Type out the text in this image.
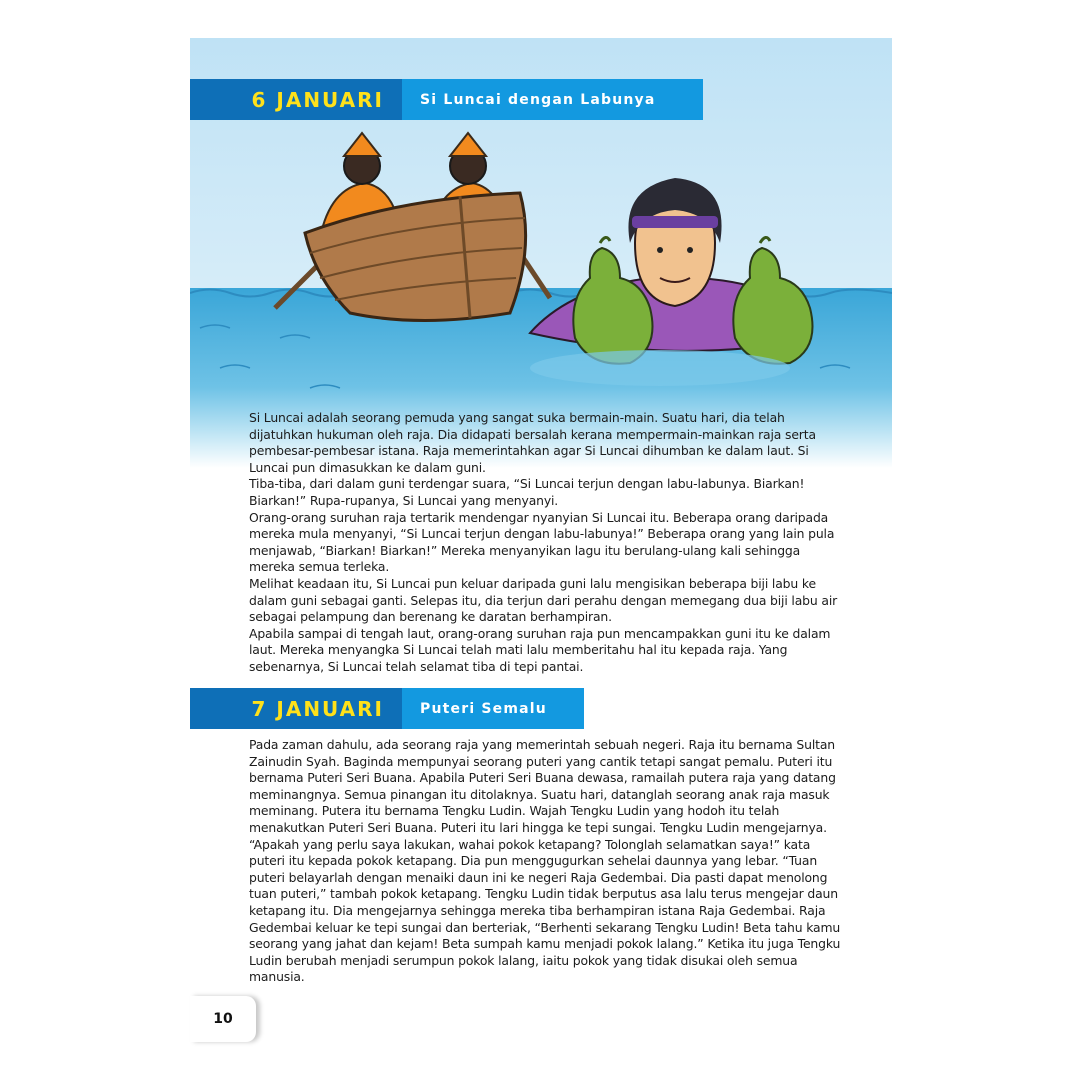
6 JANUARI	Si Luncai dengan Labunya

Si Luncai adalah seorang pemuda yang sangat suka bermain-main. Suatu hari, dia telah dijatuhkan hukuman oleh raja. Dia didapati bersalah kerana mempermain-mainkan raja serta pembesar-pembesar istana. Raja memerintahkan agar Si Luncai dihumban ke dalam laut. Si Luncai pun dimasukkan ke dalam guni.

Tiba-tiba, dari dalam guni terdengar suara, “Si Luncai terjun dengan labu-labunya. Biarkan! Biarkan!” Rupa-rupanya, Si Luncai yang menyanyi.

Orang-orang suruhan raja tertarik mendengar nyanyian Si Luncai itu. Beberapa orang daripada mereka mula menyanyi, “Si Luncai terjun dengan labu-labunya!” Beberapa orang yang lain pula menjawab, “Biarkan! Biarkan!” Mereka menyanyikan lagu itu berulang-ulang kali sehingga mereka semua terleka.

Melihat keadaan itu, Si Luncai pun keluar daripada guni lalu mengisikan beberapa biji labu ke dalam guni sebagai ganti. Selepas itu, dia terjun dari perahu dengan memegang dua biji labu air sebagai pelampung dan berenang ke daratan berhampiran.

Apabila sampai di tengah laut, orang-orang suruhan raja pun mencampakkan guni itu ke dalam laut. Mereka menyangka Si Luncai telah mati lalu memberitahu hal itu kepada raja. Yang sebenarnya, Si Luncai telah selamat tiba di tepi pantai.

7 JANUARI	Puteri Semalu

Pada zaman dahulu, ada seorang raja yang memerintah sebuah negeri. Raja itu bernama Sultan Zainudin Syah. Baginda mempunyai seorang puteri yang cantik tetapi sangat pemalu. Puteri itu bernama Puteri Seri Buana. Apabila Puteri Seri Buana dewasa, ramailah putera raja yang datang meminangnya. Semua pinangan itu ditolaknya. Suatu hari, datanglah seorang anak raja masuk meminang. Putera itu bernama Tengku Ludin. Wajah Tengku Ludin yang hodoh itu telah menakutkan Puteri Seri Buana. Puteri itu lari hingga ke tepi sungai. Tengku Ludin mengejarnya. “Apakah yang perlu saya lakukan, wahai pokok ketapang? Tolonglah selamatkan saya!” kata puteri itu kepada pokok ketapang. Dia pun menggugurkan sehelai daunnya yang lebar. “Tuan puteri belayarlah dengan menaiki daun ini ke negeri Raja Gedembai. Dia pasti dapat menolong tuan puteri,” tambah pokok ketapang. Tengku Ludin tidak berputus asa lalu terus mengejar daun ketapang itu. Dia mengejarnya sehingga mereka tiba berhampiran istana Raja Gedembai. Raja Gedembai keluar ke tepi sungai dan berteriak, “Berhenti sekarang Tengku Ludin! Beta tahu kamu seorang yang jahat dan kejam! Beta sumpah kamu menjadi pokok lalang.” Ketika itu juga Tengku Ludin berubah menjadi serumpun pokok lalang, iaitu pokok yang tidak disukai oleh semua manusia.

10
